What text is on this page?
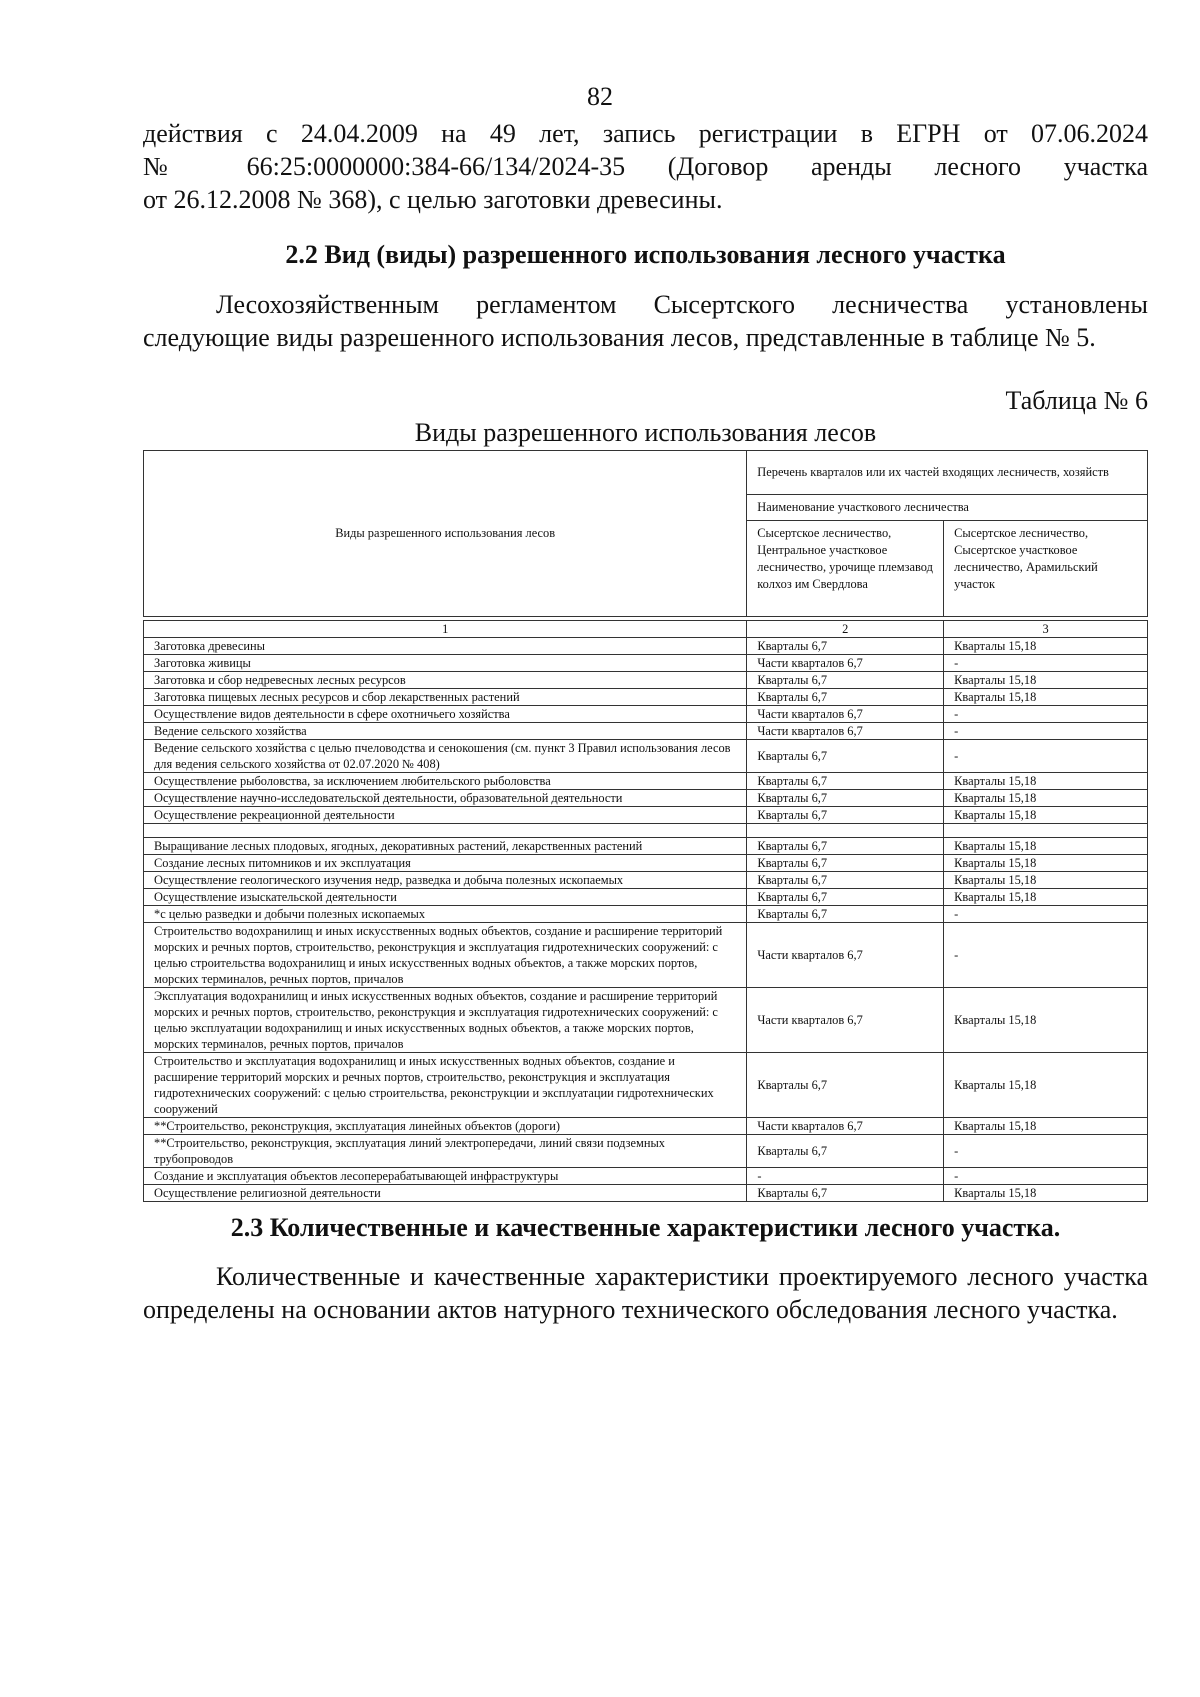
82
действия с 24.04.2009 на 49 лет, запись регистрации в ЕГРН от 07.06.2024
№ 66:25:0000000:384-66/134/2024-35 (Договор аренды лесного участка
от 26.12.2008 № 368), с целью заготовки древесины.
2.2 Вид (виды) разрешенного использования лесного участка
Лесохозяйственным регламентом Сысертского лесничества установлены следующие виды разрешенного использования лесов, представленные в таблице № 5.
Таблица № 6
Виды разрешенного использования лесов
Виды разрешенного использования лесов	Перечень кварталов или их частей входящих лесничеств, хозяйств	
	Наименование участкового лесничества	
	Сысертское лесничество, Центральное участковое лесничество, урочище племзавод колхоз им Свердлова	Сысертское лесничество, Сысертское участковое лесничество, Арамильский участок
1	2	3
Заготовка древесины	Кварталы 6,7	Кварталы 15,18
Заготовка живицы	Части кварталов 6,7	-
Заготовка и сбор недревесных лесных ресурсов	Кварталы 6,7	Кварталы 15,18
Заготовка пищевых лесных ресурсов и сбор лекарственных растений	Кварталы 6,7	Кварталы 15,18
Осуществление видов деятельности в сфере охотничьего хозяйства	Части кварталов 6,7	-
Ведение сельского хозяйства	Части кварталов 6,7	-
Ведение сельского хозяйства с целью пчеловодства и сенокошения (см. пункт 3 Правил использования лесов для ведения сельского хозяйства от 02.07.2020 № 408)	Кварталы 6,7	-
Осуществление рыболовства, за исключением любительского рыболовства	Кварталы 6,7	Кварталы 15,18
Осуществление научно-исследовательской деятельности, образовательной деятельности	Кварталы 6,7	Кварталы 15,18
Осуществление рекреационной деятельности	Кварталы 6,7	Кварталы 15,18

Выращивание лесных плодовых, ягодных, декоративных растений, лекарственных растений	Кварталы 6,7	Кварталы 15,18
Создание лесных питомников и их эксплуатация	Кварталы 6,7	Кварталы 15,18
Осуществление геологического изучения недр, разведка и добыча полезных ископаемых	Кварталы 6,7	Кварталы 15,18
Осуществление изыскательской деятельности	Кварталы 6,7	Кварталы 15,18
*с целью разведки и добычи полезных ископаемых	Кварталы 6,7	-
Строительство водохранилищ и иных искусственных водных объектов, создание и расширение территорий морских и речных портов, строительство, реконструкция и эксплуатация гидротехнических сооружений: с целью строительства водохранилищ и иных искусственных водных объектов, а также морских портов, морских терминалов, речных портов, причалов	Части кварталов 6,7	-
Эксплуатация водохранилищ и иных искусственных водных объектов, создание и расширение территорий морских и речных портов, строительство, реконструкция и эксплуатация гидротехнических сооружений: с целью эксплуатации водохранилищ и иных искусственных водных объектов, а также морских портов, морских терминалов, речных портов, причалов	Части кварталов 6,7	Кварталы 15,18
Строительство и эксплуатация водохранилищ и иных искусственных водных объектов, создание и расширение территорий морских и речных портов, строительство, реконструкция и эксплуатация гидротехнических сооружений: с целью строительства, реконструкции и эксплуатации гидротехнических сооружений	Кварталы 6,7	Кварталы 15,18
**Строительство, реконструкция, эксплуатация линейных объектов (дороги)	Части кварталов 6,7	Кварталы 15,18
**Строительство, реконструкция, эксплуатация линий электропередачи, линий связи подземных трубопроводов	Кварталы 6,7	-
Создание и эксплуатация объектов лесоперерабатывающей инфраструктуры	-	-
Осуществление религиозной деятельности	Кварталы 6,7	Кварталы 15,18
2.3 Количественные и качественные характеристики лесного участка.
Количественные и качественные характеристики проектируемого лесного участка определены на основании актов натурного технического обследования лесного участка.
